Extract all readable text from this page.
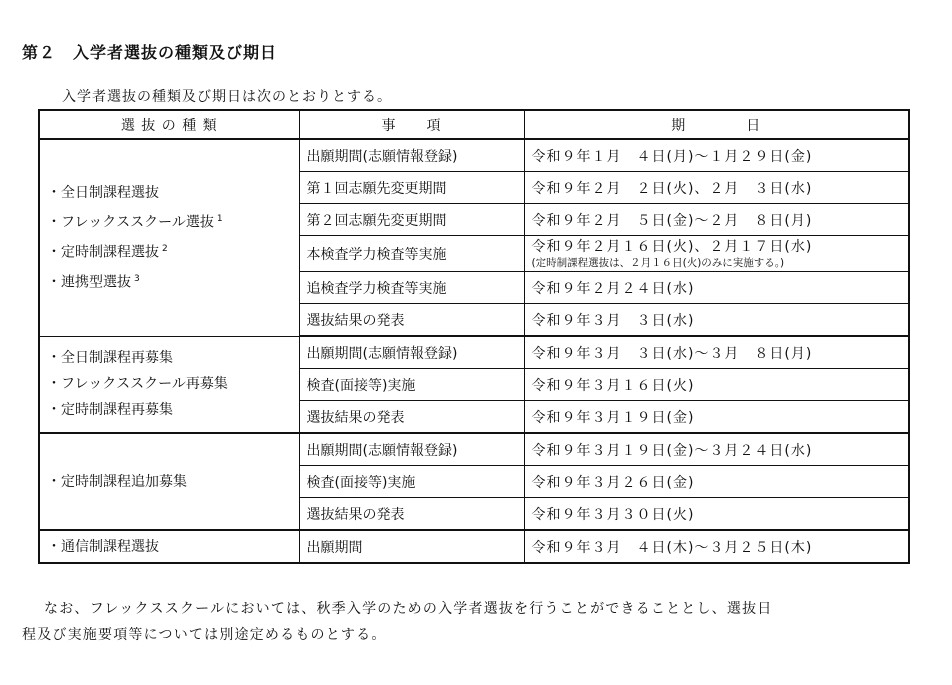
第２　入学者選抜の種類及び期日
入学者選抜の種類及び期日は次のとおりとする。
選 抜 の 種 類	事　　項	期　　　　日

・全日制課程選抜
・フレックススクール選抜 $^1$
・定時制課程選抜 $^2$
・連携型選抜 $^3$	出願期間(志願情報登録)	令和９年１月　４日(月)～１月２９日(金)
	第１回志願先変更期間	令和９年２月　２日(火)、２月　３日(水)
	第２回志願先変更期間	令和９年２月　５日(金)～２月　８日(月)
	本検査学力検査等実施	令和９年２月１６日(火)、２月１７日(水)
(定時制課程選抜は、２月１６日(火)のみに実施する。)

	追検査学力検査等実施	令和９年２月２４日(水)
	選抜結果の発表	令和９年３月　３日(水)

・全日制課程再募集
・フレックススクール再募集
・定時制課程再募集	出願期間(志願情報登録)	令和９年３月　３日(水)～３月　８日(月)
	検査(面接等)実施	令和９年３月１６日(火)
	選抜結果の発表	令和９年３月１９日(金)

・定時制課程追加募集	出願期間(志願情報登録)	令和９年３月１９日(金)～３月２４日(水)
	検査(面接等)実施	令和９年３月２６日(金)
	選抜結果の発表	令和９年３月３０日(火)

・通信制課程選抜	出願期間	令和９年３月　４日(木)～３月２５日(木)
なお、フレックススクールにおいては、秋季入学のための入学者選抜を行うことができることとし、選抜日
程及び実施要項等については別途定めるものとする。
